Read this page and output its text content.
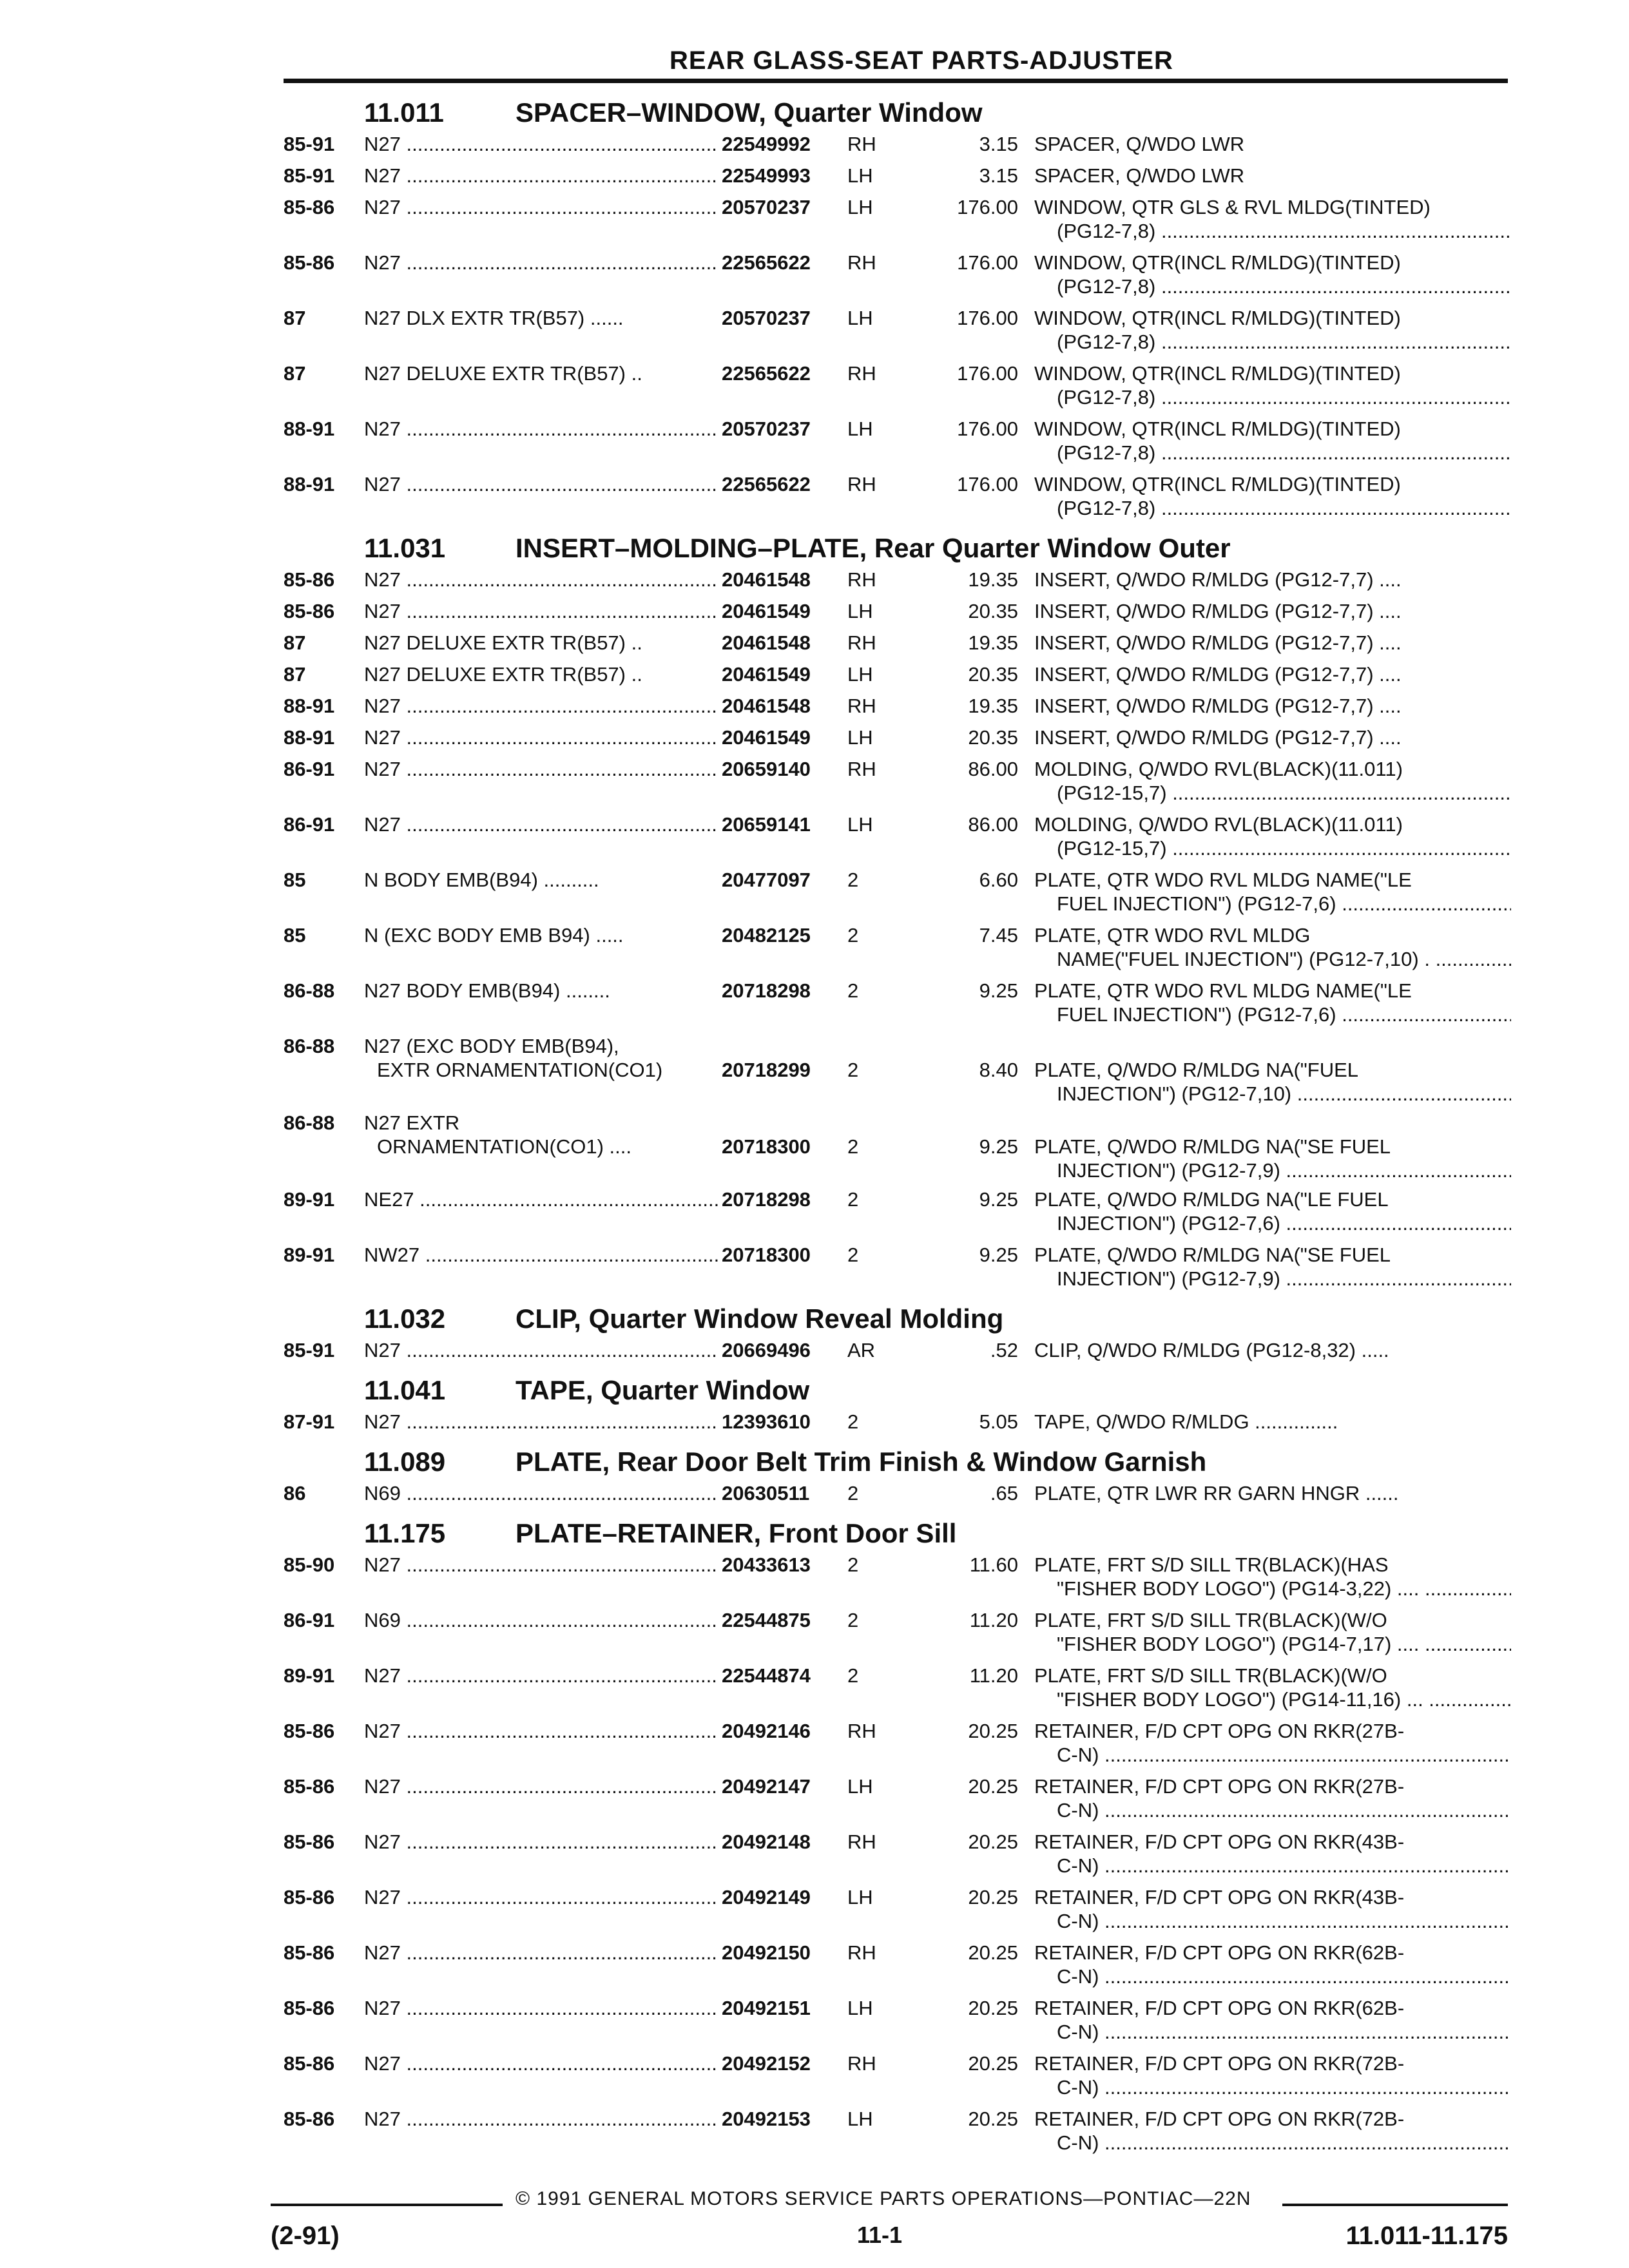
REAR GLASS-SEAT PARTS-ADJUSTER
11.011	SPACER–WINDOW, Quarter Window
85-91	N27 .....	22549992	RH	3.15 SPACER, Q/WDO LWR
85-91	N27 .....	22549993	LH	3.15 SPACER, Q/WDO LWR
85-86	N27 .....	20570237	LH	176.00 WINDOW, QTR GLS & RVL MLDG(TINTED)
(PG12-7,8) .....
85-86	N27 .....	22565622	RH	176.00 WINDOW, QTR(INCL R/MLDG)(TINTED)
(PG12-7,8) .....
87	N27 DLX EXTR TR(B57) ......	20570237	LH	176.00 WINDOW, QTR(INCL R/MLDG)(TINTED)
(PG12-7,8) .....
87	N27 DELUXE EXTR TR(B57) ..	22565622	RH	176.00 WINDOW, QTR(INCL R/MLDG)(TINTED)
(PG12-7,8) .....
88-91	N27 .....	20570237	LH	176.00 WINDOW, QTR(INCL R/MLDG)(TINTED)
(PG12-7,8) .....
88-91	N27 .....	22565622	RH	176.00 WINDOW, QTR(INCL R/MLDG)(TINTED)
(PG12-7,8) .....
11.031	INSERT–MOLDING–PLATE, Rear Quarter Window Outer
85-86	N27 .....	20461548	RH	19.35 INSERT, Q/WDO R/MLDG (PG12-7,7) ....
85-86	N27 .....	20461549	LH	20.35 INSERT, Q/WDO R/MLDG (PG12-7,7) ....
87	N27 DELUXE EXTR TR(B57) ..	20461548	RH	19.35 INSERT, Q/WDO R/MLDG (PG12-7,7) ....
87	N27 DELUXE EXTR TR(B57) ..	20461549	LH	20.35 INSERT, Q/WDO R/MLDG (PG12-7,7) ....
88-91	N27 .....	20461548	RH	19.35 INSERT, Q/WDO R/MLDG (PG12-7,7) ....
88-91	N27 .....	20461549	LH	20.35 INSERT, Q/WDO R/MLDG (PG12-7,7) ....
86-91	N27 .....	20659140	RH	86.00 MOLDING, Q/WDO RVL(BLACK)(11.011)
(PG12-15,7) .....
86-91	N27 .....	20659141	LH	86.00 MOLDING, Q/WDO RVL(BLACK)(11.011)
(PG12-15,7) .....
85	N BODY EMB(B94) ..........	20477097	2	6.60 PLATE, QTR WDO RVL MLDG NAME("LE
FUEL INJECTION") (PG12-7,6) .....
85	N (EXC BODY EMB B94) .....	20482125	2	7.45 PLATE, QTR WDO RVL MLDG
NAME("FUEL INJECTION") (PG12-7,10) . .....
86-88	N27 BODY EMB(B94) ........	20718298	2	9.25 PLATE, QTR WDO RVL MLDG NAME("LE
FUEL INJECTION") (PG12-7,6) .....
86-88	N27 (EXC BODY EMB(B94),
EXTR ORNAMENTATION(CO1)	20718299	2	8.40 PLATE, Q/WDO R/MLDG NA("FUEL
INJECTION") (PG12-7,10) .....
86-88	N27 EXTR
ORNAMENTATION(CO1) ....	20718300	2	9.25 PLATE, Q/WDO R/MLDG NA("SE FUEL
INJECTION") (PG12-7,9) .....
89-91	NE27 .....	20718298	2	9.25 PLATE, Q/WDO R/MLDG NA("LE FUEL
INJECTION") (PG12-7,6) .....
89-91	NW27 .....	20718300	2	9.25 PLATE, Q/WDO R/MLDG NA("SE FUEL
INJECTION") (PG12-7,9) .....
11.032	CLIP, Quarter Window Reveal Molding
85-91	N27 .....	20669496	AR	.52 CLIP, Q/WDO R/MLDG (PG12-8,32) .....
11.041	TAPE, Quarter Window
87-91	N27 .....	12393610	2	5.05 TAPE, Q/WDO R/MLDG ...............
11.089	PLATE, Rear Door Belt Trim Finish & Window Garnish
86	N69 .....	20630511	2	.65 PLATE, QTR LWR RR GARN HNGR ......
11.175	PLATE–RETAINER, Front Door Sill
85-90	N27 .....	20433613	2	11.60 PLATE, FRT S/D SILL TR(BLACK)(HAS
"FISHER BODY LOGO") (PG14-3,22) .... .....
86-91	N69 .....	22544875	2	11.20 PLATE, FRT S/D SILL TR(BLACK)(W/O
"FISHER BODY LOGO") (PG14-7,17) .... .....
89-91	N27 .....	22544874	2	11.20 PLATE, FRT S/D SILL TR(BLACK)(W/O
"FISHER BODY LOGO") (PG14-11,16) ... .....
85-86	N27 .....	20492146	RH	20.25 RETAINER, F/D CPT OPG ON RKR(27B-
C-N) .....
85-86	N27 .....	20492147	LH	20.25 RETAINER, F/D CPT OPG ON RKR(27B-
C-N) .....
85-86	N27 .....	20492148	RH	20.25 RETAINER, F/D CPT OPG ON RKR(43B-
C-N) .....
85-86	N27 .....	20492149	LH	20.25 RETAINER, F/D CPT OPG ON RKR(43B-
C-N) .....
85-86	N27 .....	20492150	RH	20.25 RETAINER, F/D CPT OPG ON RKR(62B-
C-N) .....
85-86	N27 .....	20492151	LH	20.25 RETAINER, F/D CPT OPG ON RKR(62B-
C-N) .....
85-86	N27 .....	20492152	RH	20.25 RETAINER, F/D CPT OPG ON RKR(72B-
C-N) .....
85-86	N27 .....	20492153	LH	20.25 RETAINER, F/D CPT OPG ON RKR(72B-
C-N) .....
© 1991 GENERAL MOTORS SERVICE PARTS OPERATIONS—PONTIAC—22N
(2-91)	11-1	11.011-11.175
